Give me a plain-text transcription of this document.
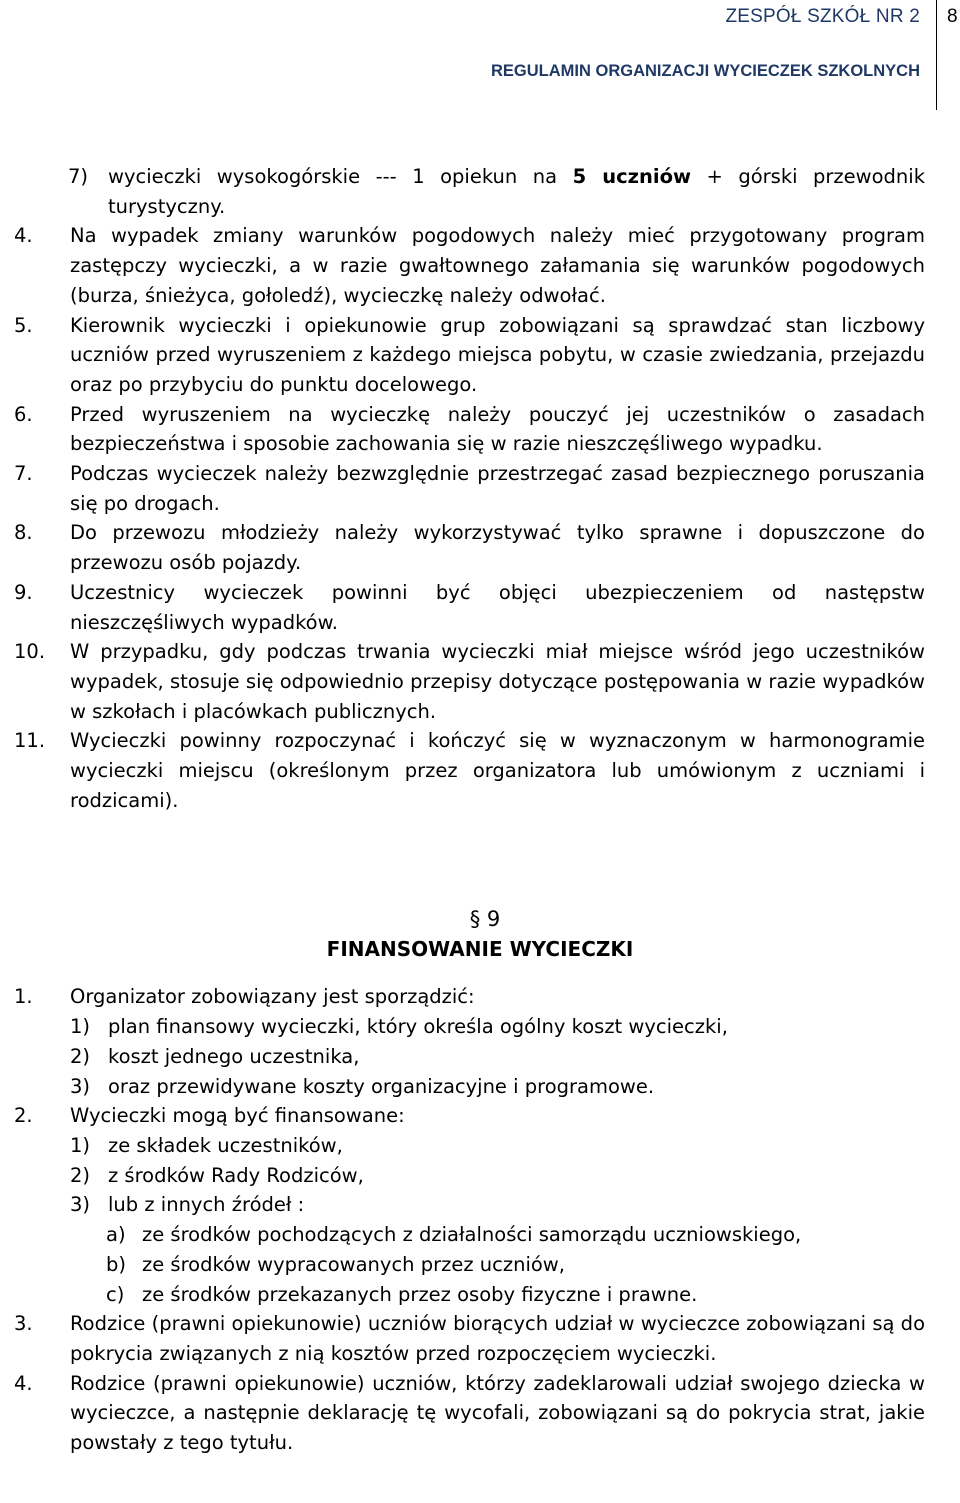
ZESPÓŁ SZKÓŁ NR 2
REGULAMIN ORGANIZACJI WYCIECZEK SZKOLNYCH
8
7) wycieczki wysokogórskie --- 1 opiekun na 5 uczniów + górski przewodnik turystyczny.
4. Na wypadek zmiany warunków pogodowych należy mieć przygotowany program zastępczy wycieczki, a w razie gwałtownego załamania się warunków pogodowych (burza, śnieżyca, gołoledź), wycieczkę należy odwołać.
5. Kierownik wycieczki i opiekunowie grup zobowiązani są sprawdzać stan liczbowy uczniów przed wyruszeniem z każdego miejsca pobytu, w czasie zwiedzania, przejazdu oraz po przybyciu do punktu docelowego.
6. Przed wyruszeniem na wycieczkę należy pouczyć jej uczestników o zasadach bezpieczeństwa i sposobie zachowania się w razie nieszczęśliwego wypadku.
7. Podczas wycieczek należy bezwzględnie przestrzegać zasad bezpiecznego poruszania się po drogach.
8. Do przewozu młodzieży należy wykorzystywać tylko sprawne i dopuszczone do przewozu osób pojazdy.
9. Uczestnicy wycieczek powinni być objęci ubezpieczeniem od następstw nieszczęśliwych wypadków.
10. W przypadku, gdy podczas trwania wycieczki miał miejsce wśród jego uczestników wypadek, stosuje się odpowiednio przepisy dotyczące postępowania w razie wypadków w szkołach i placówkach publicznych.
11. Wycieczki powinny rozpoczynać i kończyć się w wyznaczonym w harmonogramie wycieczki miejscu (określonym przez organizatora lub umówionym z uczniami i rodzicami).
§ 9
FINANSOWANIE WYCIECZKI
1. Organizator zobowiązany jest sporządzić:
1) plan finansowy wycieczki, który określa ogólny koszt wycieczki,
2) koszt jednego uczestnika,
3) oraz przewidywane koszty organizacyjne i programowe.
2. Wycieczki mogą być finansowane:
1) ze składek uczestników,
2) z środków Rady Rodziców,
3) lub z innych źródeł :
a) ze środków pochodzących z działalności samorządu uczniowskiego,
b) ze środków wypracowanych przez uczniów,
c) ze środków przekazanych przez osoby fizyczne i prawne.
3. Rodzice (prawni opiekunowie) uczniów biorących udział w wycieczce zobowiązani są do pokrycia związanych z nią kosztów przed rozpoczęciem wycieczki.
4. Rodzice (prawni opiekunowie) uczniów, którzy zadeklarowali udział swojego dziecka w wycieczce, a następnie deklarację tę wycofali, zobowiązani są do pokrycia strat, jakie powstały z tego tytułu.
